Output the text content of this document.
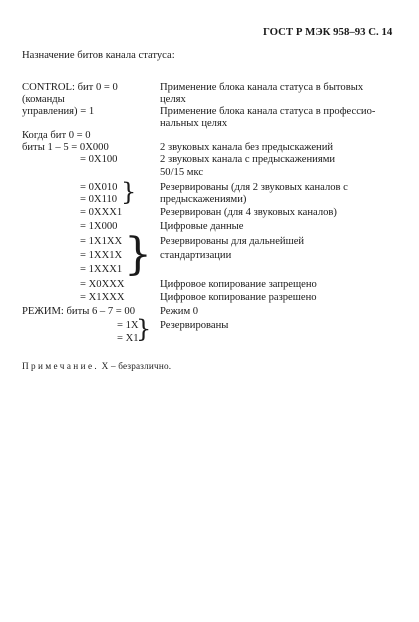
ГОСТ Р МЭК 958–93 С. 14
Назначение битов канала статуса:
CONTROL: бит 0 = 0
(команды
управления) = 1
Когда бит 0 = 0
биты 1 – 5 = 0X000
= 0X100
= 0X010
= 0X110
= 0XXX1
= 1X000
= 1X1XX
= 1XX1X
= 1XXX1
= X0XXX
= X1XXX
РЕЖИМ: биты 6 – 7 = 00
= 1X
= X1
}
}
}
Применение блока канала статуса в бытовых
целях
Применение блока канала статуса в профессио-
нальных целях
2 звуковых канала без предыскажений
2 звуковых канала с предыскажениями
50/15 мкс
Резервированы (для 2 звуковых каналов с
предыскажениями)
Резервирован (для 4 звуковых каналов)
Цифровые данные
Резервированы для дальнейшей
стандартизации
Цифровое копирование запрещено
Цифровое копирование разрешено
Режим 0
Резервированы
Примечание. X – безразлично.
